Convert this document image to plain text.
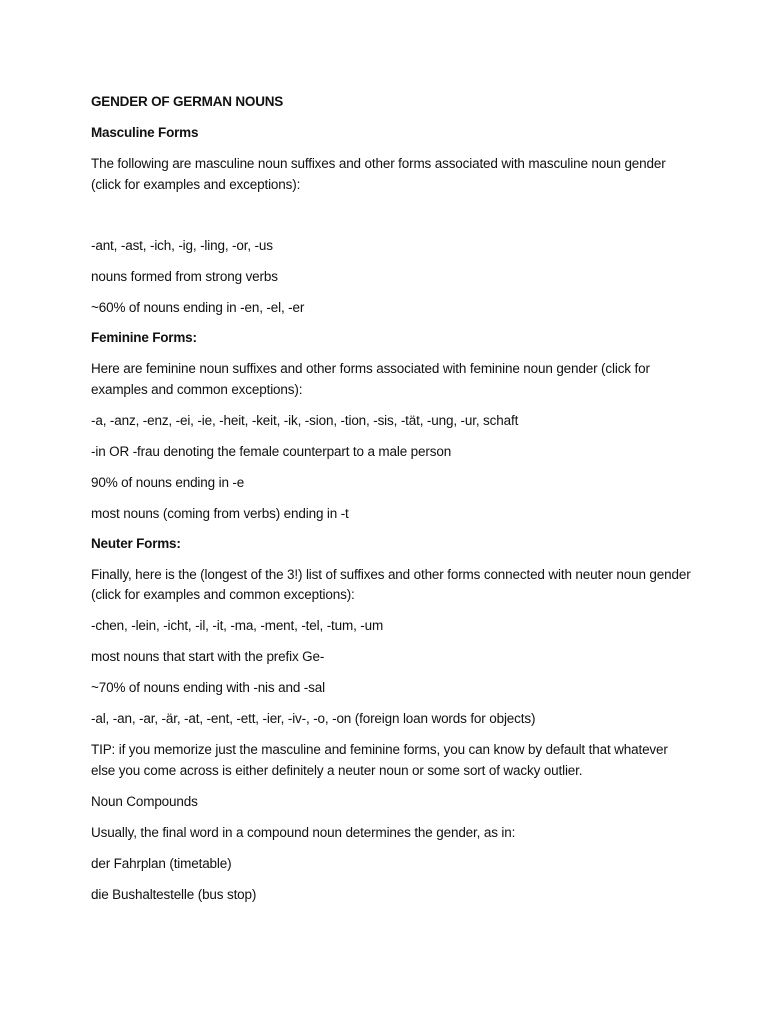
GENDER OF GERMAN NOUNS
Masculine Forms

The following are masculine noun suffixes and other forms associated with masculine noun gender (click for examples and exceptions):

-ant, -ast, -ich, -ig, -ling, -or, -us

nouns formed from strong verbs

~60% of nouns ending in -en, -el, -er

Feminine Forms:

Here are feminine noun suffixes and other forms associated with feminine noun gender (click for examples and common exceptions):

-a, -anz, -enz, -ei, -ie, -heit, -keit, -ik, -sion, -tion, -sis, -tät, -ung, -ur, schaft

-in OR -frau denoting the female counterpart to a male person

90% of nouns ending in -e

most nouns (coming from verbs) ending in -t

Neuter Forms:

Finally, here is the (longest of the 3!) list of suffixes and other forms connected with neuter noun gender (click for examples and common exceptions):

-chen, -lein, -icht, -il, -it, -ma, -ment, -tel, -tum, -um

most nouns that start with the prefix Ge-

~70% of nouns ending with -nis and -sal

-al, -an, -ar, -är, -at, -ent, -ett, -ier, -iv-, -o, -on (foreign loan words for objects)

TIP: if you memorize just the masculine and feminine forms, you can know by default that whatever else you come across is either definitely a neuter noun or some sort of wacky outlier.

Noun Compounds

Usually, the final word in a compound noun determines the gender, as in:

der Fahrplan (timetable)

die Bushaltestelle (bus stop)
